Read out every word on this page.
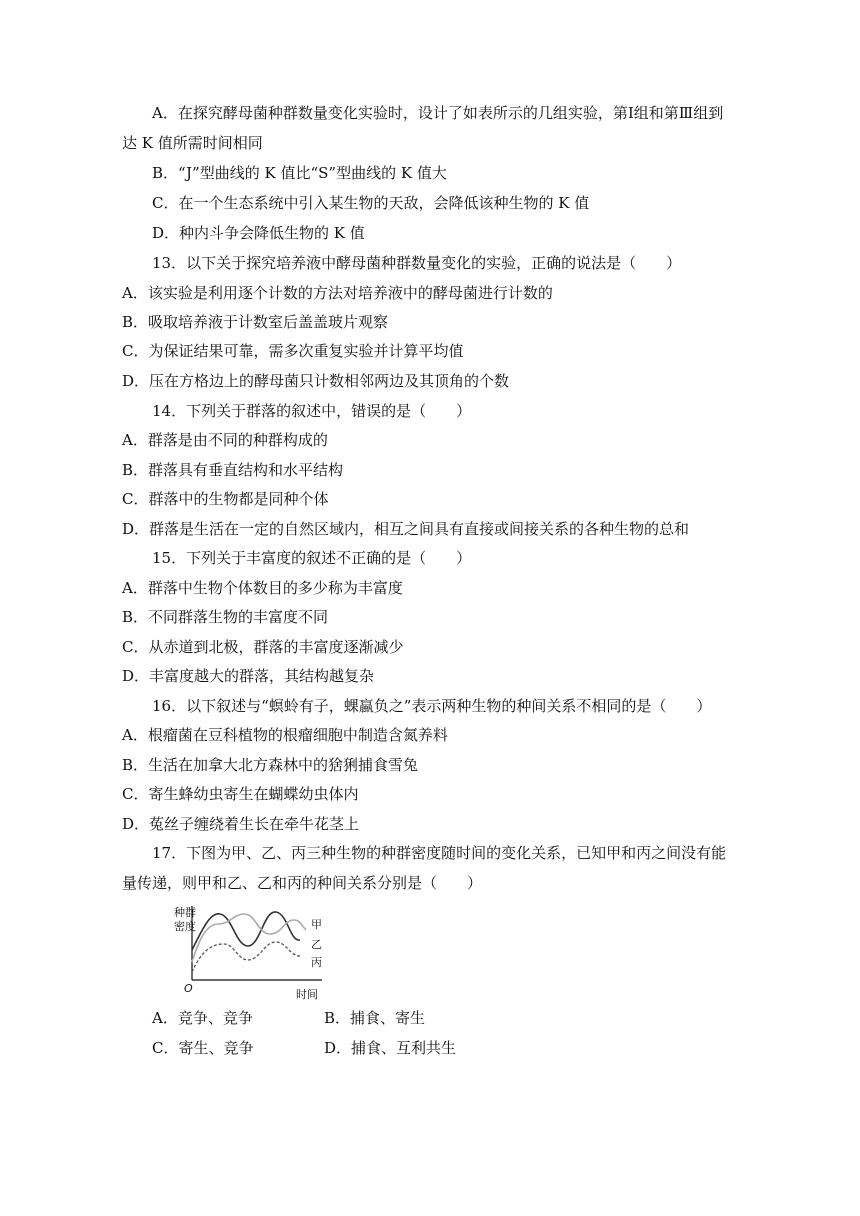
A．在探究酵母菌种群数量变化实验时，设计了如表所示的几组实验，第Ⅰ组和第Ⅲ组到
达 K 值所需时间相同
B．“J”型曲线的 K 值比“S”型曲线的 K 值大
C．在一个生态系统中引入某生物的天敌，会降低该种生物的 K 值
D．种内斗争会降低生物的 K 值
13．以下关于探究培养液中酵母菌种群数量变化的实验，正确的说法是（　　）
A．该实验是利用逐个计数的方法对培养液中的酵母菌进行计数的
B．吸取培养液于计数室后盖盖玻片观察
C．为保证结果可靠，需多次重复实验并计算平均值
D．压在方格边上的酵母菌只计数相邻两边及其顶角的个数
14．下列关于群落的叙述中，错误的是（　　）
A．群落是由不同的种群构成的
B．群落具有垂直结构和水平结构
C．群落中的生物都是同种个体
D．群落是生活在一定的自然区域内，相互之间具有直接或间接关系的各种生物的总和
15．下列关于丰富度的叙述不正确的是（　　）
A．群落中生物个体数目的多少称为丰富度
B．不同群落生物的丰富度不同
C．从赤道到北极，群落的丰富度逐渐减少
D．丰富度越大的群落，其结构越复杂
16．以下叙述与“螟蛉有子，蜾蠃负之”表示两种生物的种间关系不相同的是（　　）
A．根瘤菌在豆科植物的根瘤细胞中制造含氮养料
B．生活在加拿大北方森林中的猞猁捕食雪兔
C．寄生蜂幼虫寄生在蝴蝶幼虫体内
D．菟丝子缠绕着生长在牵牛花茎上
17．下图为甲、乙、丙三种生物的种群密度随时间的变化关系，已知甲和丙之间没有能
量传递，则甲和乙、乙和丙的种间关系分别是（　　）
种群
密度
O	时间
甲
乙
丙
A．竞争、竞争	B．捕食、寄生
C．寄生、竞争	D．捕食、互利共生
